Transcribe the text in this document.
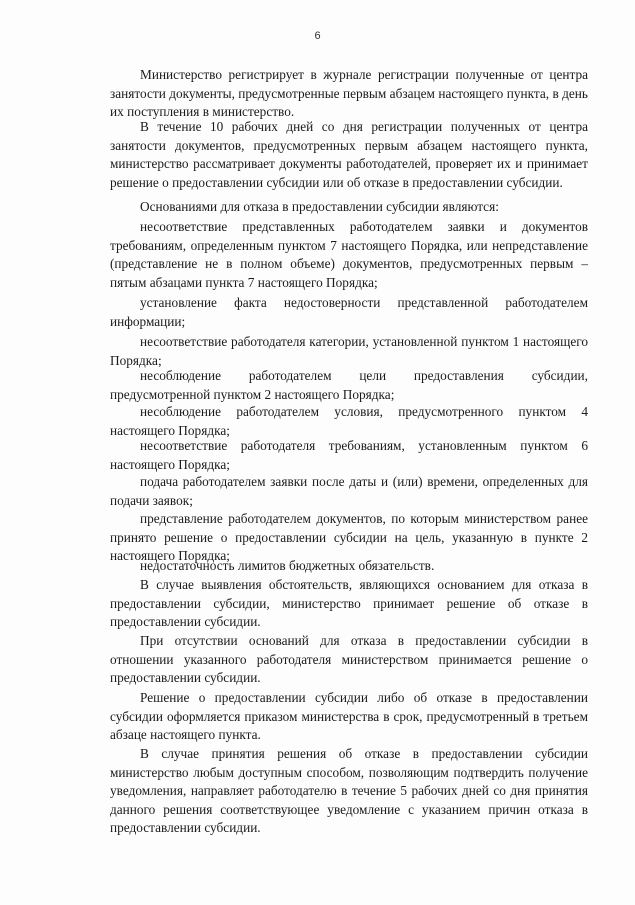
6

Министерство регистрирует в журнале регистрации полученные от центра занятости документы, предусмотренные первым абзацем настоящего пункта, в день их поступления в министерство.

В течение 10 рабочих дней со дня регистрации полученных от центра занятости документов, предусмотренных первым абзацем настоящего пункта, министерство рассматривает документы работодателей, проверяет их и принимает решение о предоставлении субсидии или об отказе в предоставлении субсидии.

Основаниями для отказа в предоставлении субсидии являются:

несоответствие представленных работодателем заявки и документов требованиям, определенным пунктом 7 настоящего Порядка, или непредставление (представление не в полном объеме) документов, предусмотренных первым – пятым абзацами пункта 7 настоящего Порядка;

установление факта недостоверности представленной работодателем информации;

несоответствие работодателя категории, установленной пунктом 1 настоящего Порядка;

несоблюдение работодателем цели предоставления субсидии, предусмотренной пунктом 2 настоящего Порядка;

несоблюдение работодателем условия, предусмотренного пунктом 4 настоящего Порядка;

несоответствие работодателя требованиям, установленным пунктом 6 настоящего Порядка;

подача работодателем заявки после даты и (или) времени, определенных для подачи заявок;

представление работодателем документов, по которым министерством ранее принято решение о предоставлении субсидии на цель, указанную в пункте 2 настоящего Порядка;

недостаточность лимитов бюджетных обязательств.

В случае выявления обстоятельств, являющихся основанием для отказа в предоставлении субсидии, министерство принимает решение об отказе в предоставлении субсидии.

При отсутствии оснований для отказа в предоставлении субсидии в отношении указанного работодателя министерством принимается решение о предоставлении субсидии.

Решение о предоставлении субсидии либо об отказе в предоставлении субсидии оформляется приказом министерства в срок, предусмотренный в третьем абзаце настоящего пункта.

В случае принятия решения об отказе в предоставлении субсидии министерство любым доступным способом, позволяющим подтвердить получение уведомления, направляет работодателю в течение 5 рабочих дней со дня принятия данного решения соответствующее уведомление с указанием причин отказа в предоставлении субсидии.
